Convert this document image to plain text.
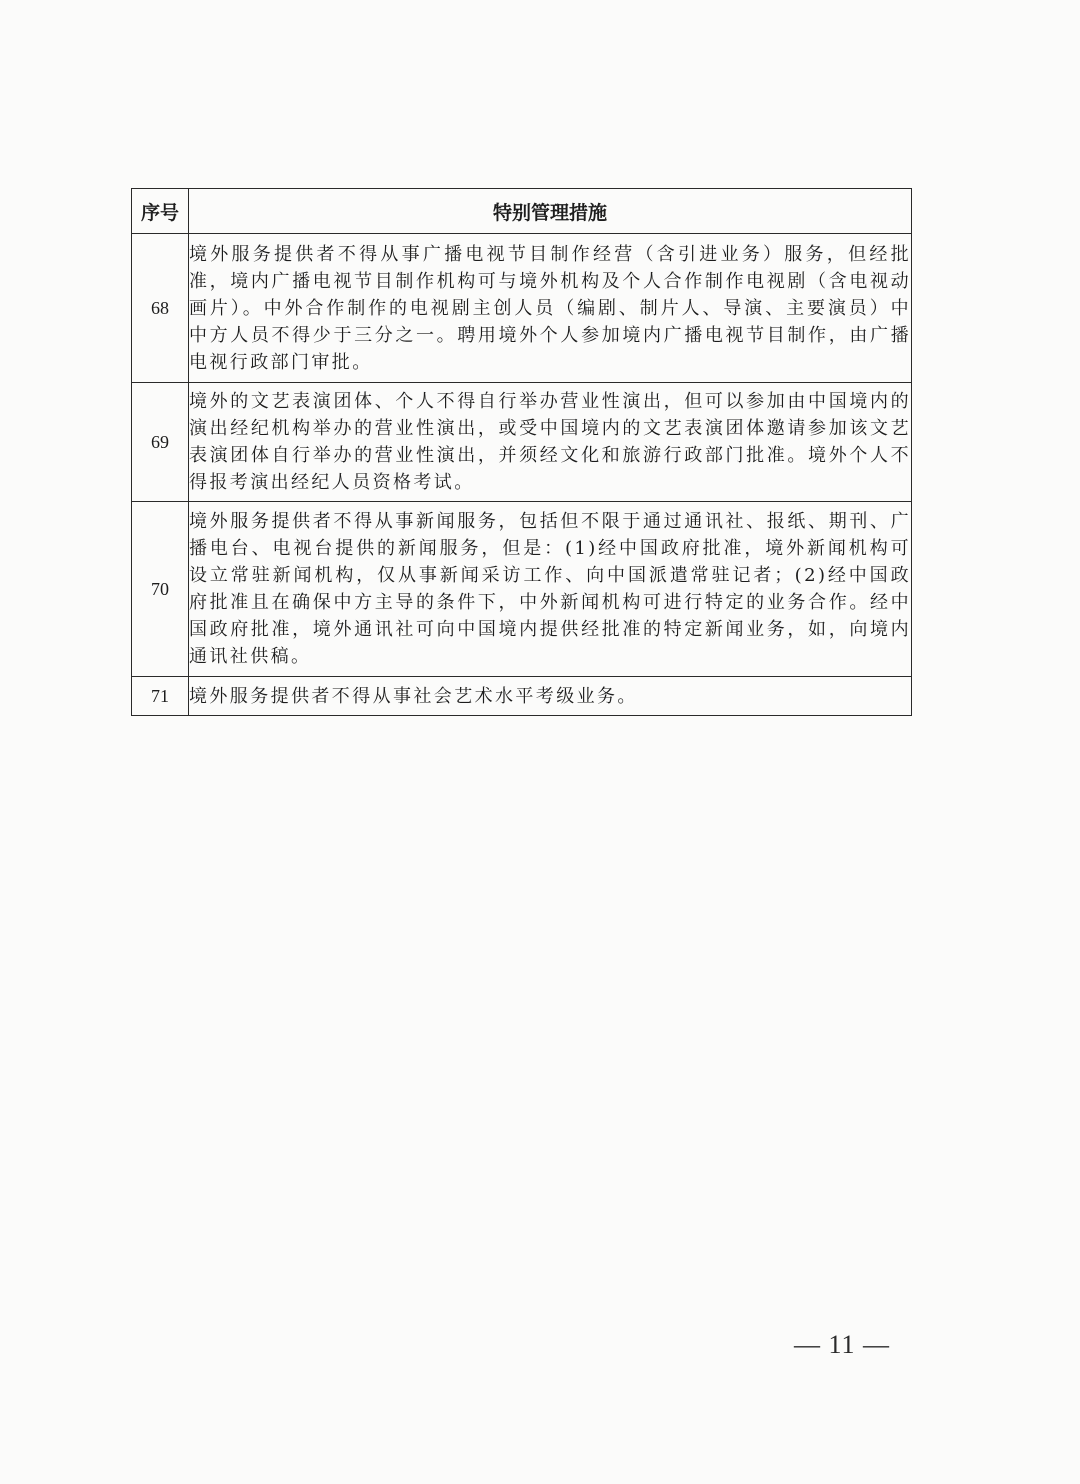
序号	特别管理措施
68	境外服务提供者不得从事广播电视节目制作经营（含引进业务）服务，但经批准，境内广播电视节目制作机构可与境外机构及个人合作制作电视剧（含电视动画片）。中外合作制作的电视剧主创人员（编剧、制片人、导演、主要演员）中中方人员不得少于三分之一。聘用境外个人参加境内广播电视节目制作，由广播电视行政部门审批。
69	境外的文艺表演团体、个人不得自行举办营业性演出，但可以参加由中国境内的演出经纪机构举办的营业性演出，或受中国境内的文艺表演团体邀请参加该文艺表演团体自行举办的营业性演出，并须经文化和旅游行政部门批准。境外个人不得报考演出经纪人员资格考试。
70	境外服务提供者不得从事新闻服务，包括但不限于通过通讯社、报纸、期刊、广播电台、电视台提供的新闻服务，但是：(1)经中国政府批准，境外新闻机构可设立常驻新闻机构，仅从事新闻采访工作、向中国派遣常驻记者；(2)经中国政府批准且在确保中方主导的条件下，中外新闻机构可进行特定的业务合作。经中国政府批准，境外通讯社可向中国境内提供经批准的特定新闻业务，如，向境内通讯社供稿。
71	境外服务提供者不得从事社会艺术水平考级业务。
— 11 —
